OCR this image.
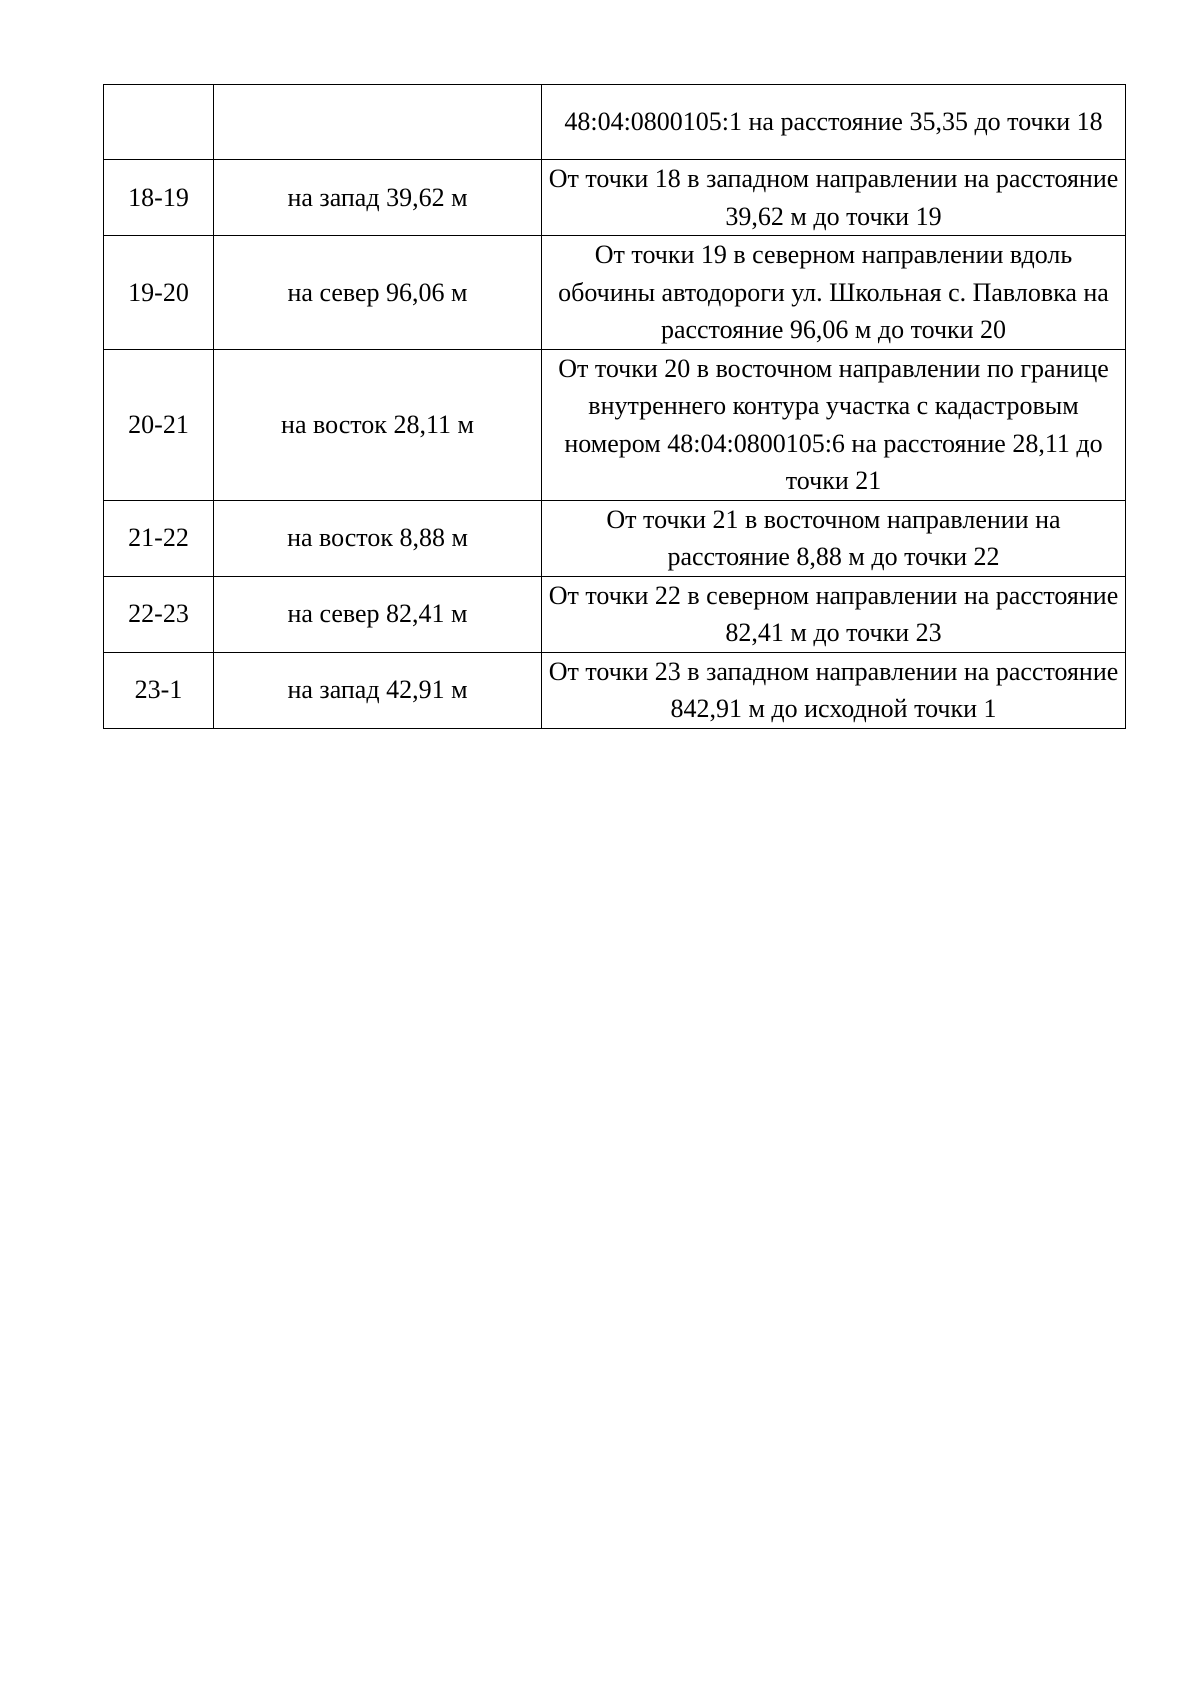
		48:04:0800105:1 на расстояние 35,35 до точки 18
18-19	на запад 39,62 м	От точки 18 в западном направлении на расстояние 39,62 м до точки 19
19-20	на север 96,06 м	От точки 19 в северном направлении вдоль обочины автодороги ул. Школьная с. Павловка на расстояние 96,06 м до точки 20
20-21	на восток 28,11 м	От точки 20 в восточном направлении по границе внутреннего контура участка с кадастровым номером 48:04:0800105:6 на расстояние 28,11 до точки 21
21-22	на восток 8,88 м	От точки 21 в восточном направлении на расстояние 8,88 м до точки 22
22-23	на север 82,41 м	От точки 22 в северном направлении на расстояние 82,41 м до точки 23
23-1	на запад 42,91 м	От точки 23 в западном направлении на расстояние 842,91 м до исходной точки 1
